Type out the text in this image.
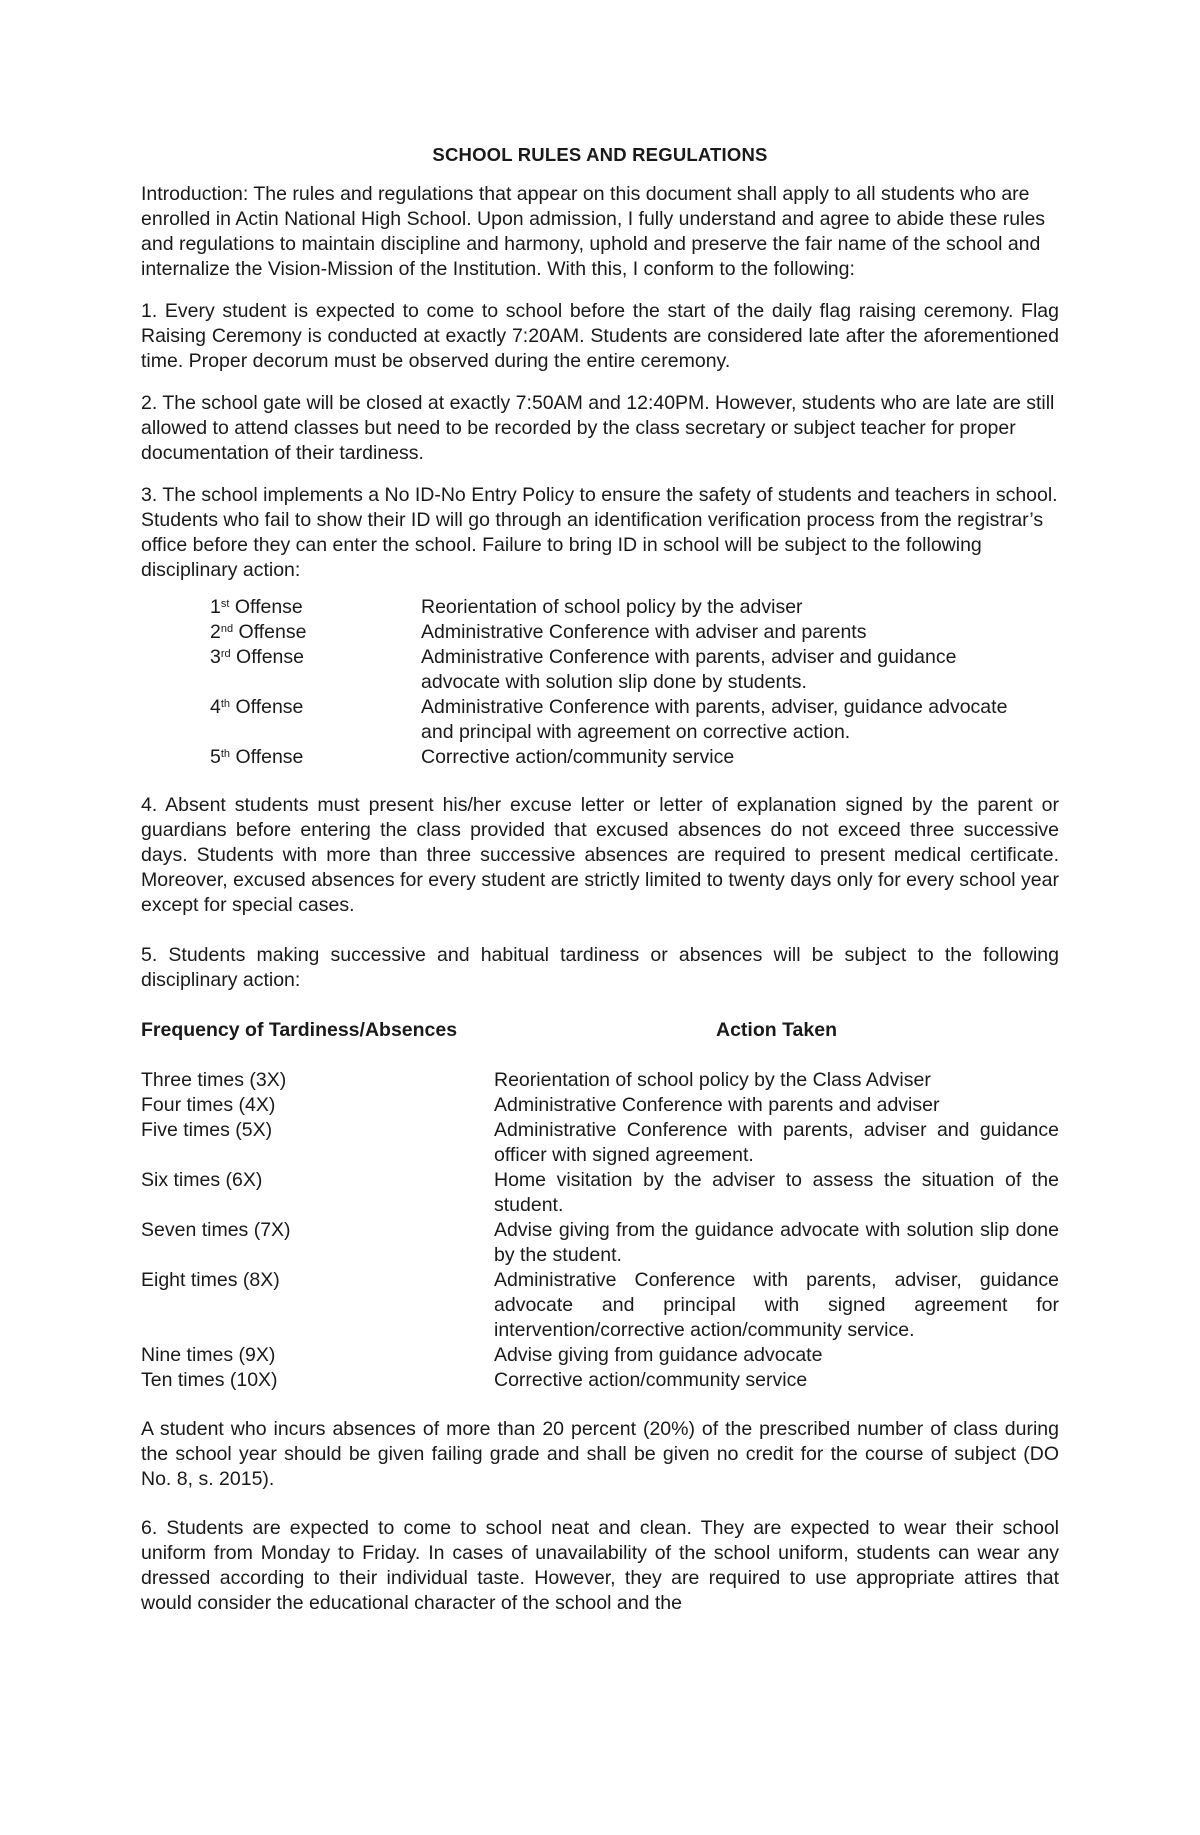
SCHOOL RULES AND REGULATIONS

Introduction: The rules and regulations that appear on this document shall apply to all students who are enrolled in Actin National High School. Upon admission, I fully understand and agree to abide these rules and regulations to maintain discipline and harmony, uphold and preserve the fair name of the school and internalize the Vision-Mission of the Institution. With this, I conform to the following:

1. Every student is expected to come to school before the start of the daily flag raising ceremony. Flag Raising Ceremony is conducted at exactly 7:20AM. Students are considered late after the aforementioned time. Proper decorum must be observed during the entire ceremony.

2. The school gate will be closed at exactly 7:50AM and 12:40PM. However, students who are late are still allowed to attend classes but need to be recorded by the class secretary or subject teacher for proper documentation of their tardiness.

3. The school implements a No ID-No Entry Policy to ensure the safety of students and teachers in school. Students who fail to show their ID will go through an identification verification process from the registrar’s office before they can enter the school. Failure to bring ID in school will be subject to the following disciplinary action:

1st Offense	Reorientation of school policy by the adviser
2nd Offense	Administrative Conference with adviser and parents
3rd Offense	Administrative Conference with parents, adviser and guidance advocate with solution slip done by students.
4th Offense	Administrative Conference with parents, adviser, guidance advocate and principal with agreement on corrective action.
5th Offense	Corrective action/community service

4. Absent students must present his/her excuse letter or letter of explanation signed by the parent or guardians before entering the class provided that excused absences do not exceed three successive days. Students with more than three successive absences are required to present medical certificate. Moreover, excused absences for every student are strictly limited to twenty days only for every school year except for special cases.

5. Students making successive and habitual tardiness or absences will be subject to the following disciplinary action:

Frequency of Tardiness/Absences	Action Taken
Three times (3X)	Reorientation of school policy by the Class Adviser
Four times (4X)	Administrative Conference with parents and adviser
Five times (5X)	Administrative Conference with parents, adviser and guidance officer with signed agreement.
Six times (6X)	Home visitation by the adviser to assess the situation of the student.
Seven times (7X)	Advise giving from the guidance advocate with solution slip done by the student.
Eight times (8X)	Administrative Conference with parents, adviser, guidance advocate and principal with signed agreement for intervention/corrective action/community service.
Nine times (9X)	Advise giving from guidance advocate
Ten times (10X)	Corrective action/community service

A student who incurs absences of more than 20 percent (20%) of the prescribed number of class during the school year should be given failing grade and shall be given no credit for the course of subject (DO No. 8, s. 2015).

6. Students are expected to come to school neat and clean. They are expected to wear their school uniform from Monday to Friday. In cases of unavailability of the school uniform, students can wear any dressed according to their individual taste. However, they are required to use appropriate attires that would consider the educational character of the school and the
